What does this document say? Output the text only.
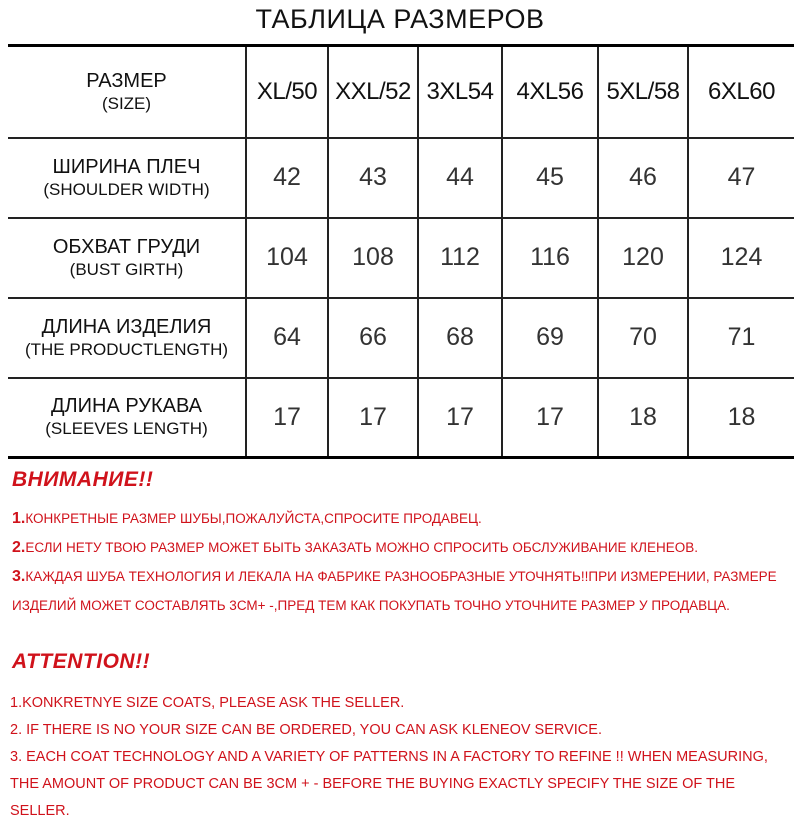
ТАБЛИЦА РАЗМЕРОВ
РАЗМЕР
(SIZE)	XL/50	XXL/52	3XL54	4XL56	5XL/58	6XL60

ШИРИНА ПЛЕЧ
(SHOULDER WIDTH)	42	43	44	45	46	47

ОБХВАТ ГРУДИ
(BUST GIRTH)	104	108	112	116	120	124

ДЛИНА ИЗДЕЛИЯ
(THE PRODUCTLENGTH)	64	66	68	69	70	71

ДЛИНА РУКАВА
(SLEEVES LENGTH)	17	17	17	17	18	18
ВНИМАНИЕ!!

1.КОНКРЕТНЫЕ РАЗМЕР ШУБЫ,ПОЖАЛУЙСТА,СПРОСИТЕ ПРОДАВЕЦ.

2.ЕСЛИ НЕТУ ТВОЮ РАЗМЕР МОЖЕТ БЫТЬ ЗАКАЗАТЬ МОЖНО СПРОСИТЬ ОБСЛУЖИВАНИЕ КЛЕНЕОВ.

3.КАЖДАЯ ШУБА ТЕХНОЛОГИЯ И ЛЕКАЛА НА ФАБРИКЕ РАЗНООБРАЗНЫЕ УТОЧНЯТЬ!!ПРИ ИЗМЕРЕНИИ, РАЗМЕРЕ ИЗДЕЛИЙ МОЖЕТ СОСТАВЛЯТЬ 3СМ+ -,ПРЕД ТЕМ КАК ПОКУПАТЬ ТОЧНО УТОЧНИТЕ РАЗМЕР У ПРОДАВЦА.

ATTENTION!!

1.KONKRETNYE SIZE COATS, PLEASE ASK THE SELLER.

2. IF THERE IS NO YOUR SIZE CAN BE ORDERED, YOU CAN ASK KLENEOV SERVICE.

3. EACH COAT TECHNOLOGY AND A VARIETY OF PATTERNS IN A FACTORY TO REFINE !! WHEN MEASURING, THE AMOUNT OF PRODUCT CAN BE 3CM + - BEFORE THE BUYING EXACTLY SPECIFY THE SIZE OF THE SELLER.
